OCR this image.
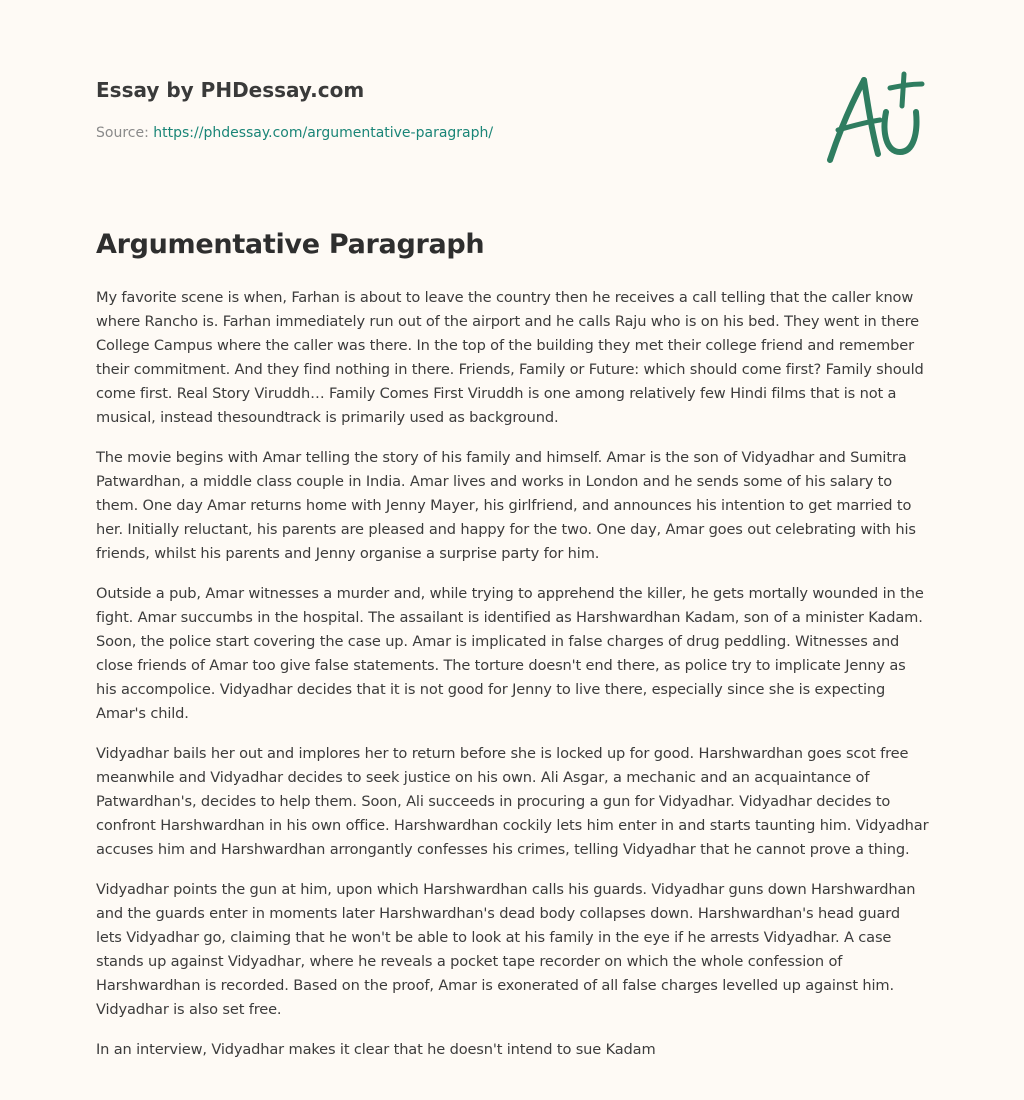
Essay by PHDessay.com
Source: https://phdessay.com/argumentative-paragraph/
Argumentative Paragraph

My favorite scene is when, Farhan is about to leave the country then he receives a call telling that the caller know where Rancho is. Farhan immediately run out of the airport and he calls Raju who is on his bed. They went in there College Campus where the caller was there. In the top of the building they met their college friend and remember their commitment. And they find nothing in there. Friends, Family or Future: which should come first? Family should come first. Real Story Viruddh… Family Comes First Viruddh is one among relatively few Hindi films that is not a musical, instead thesoundtrack is primarily used as background.

The movie begins with Amar telling the story of his family and himself. Amar is the son of Vidyadhar and Sumitra Patwardhan, a middle class couple in India. Amar lives and works in London and he sends some of his salary to them. One day Amar returns home with Jenny Mayer, his girlfriend, and announces his intention to get married to her. Initially reluctant, his parents are pleased and happy for the two. One day, Amar goes out celebrating with his friends, whilst his parents and Jenny organise a surprise party for him.

Outside a pub, Amar witnesses a murder and, while trying to apprehend the killer, he gets mortally wounded in the fight. Amar succumbs in the hospital. The assailant is identified as Harshwardhan Kadam, son of a minister Kadam. Soon, the police start covering the case up. Amar is implicated in false charges of drug peddling. Witnesses and close friends of Amar too give false statements. The torture doesn't end there, as police try to implicate Jenny as his accompolice. Vidyadhar decides that it is not good for Jenny to live there, especially since she is expecting Amar's child.

Vidyadhar bails her out and implores her to return before she is locked up for good. Harshwardhan goes scot free meanwhile and Vidyadhar decides to seek justice on his own. Ali Asgar, a mechanic and an acquaintance of Patwardhan's, decides to help them. Soon, Ali succeeds in procuring a gun for Vidyadhar. Vidyadhar decides to confront Harshwardhan in his own office. Harshwardhan cockily lets him enter in and starts taunting him. Vidyadhar accuses him and Harshwardhan arrongantly confesses his crimes, telling Vidyadhar that he cannot prove a thing.

Vidyadhar points the gun at him, upon which Harshwardhan calls his guards. Vidyadhar guns down Harshwardhan and the guards enter in moments later Harshwardhan's dead body collapses down. Harshwardhan's head guard lets Vidyadhar go, claiming that he won't be able to look at his family in the eye if he arrests Vidyadhar. A case stands up against Vidyadhar, where he reveals a pocket tape recorder on which the whole confession of Harshwardhan is recorded. Based on the proof, Amar is exonerated of all false charges levelled up against him. Vidyadhar is also set free.

In an interview, Vidyadhar makes it clear that he doesn't intend to sue Kadam
